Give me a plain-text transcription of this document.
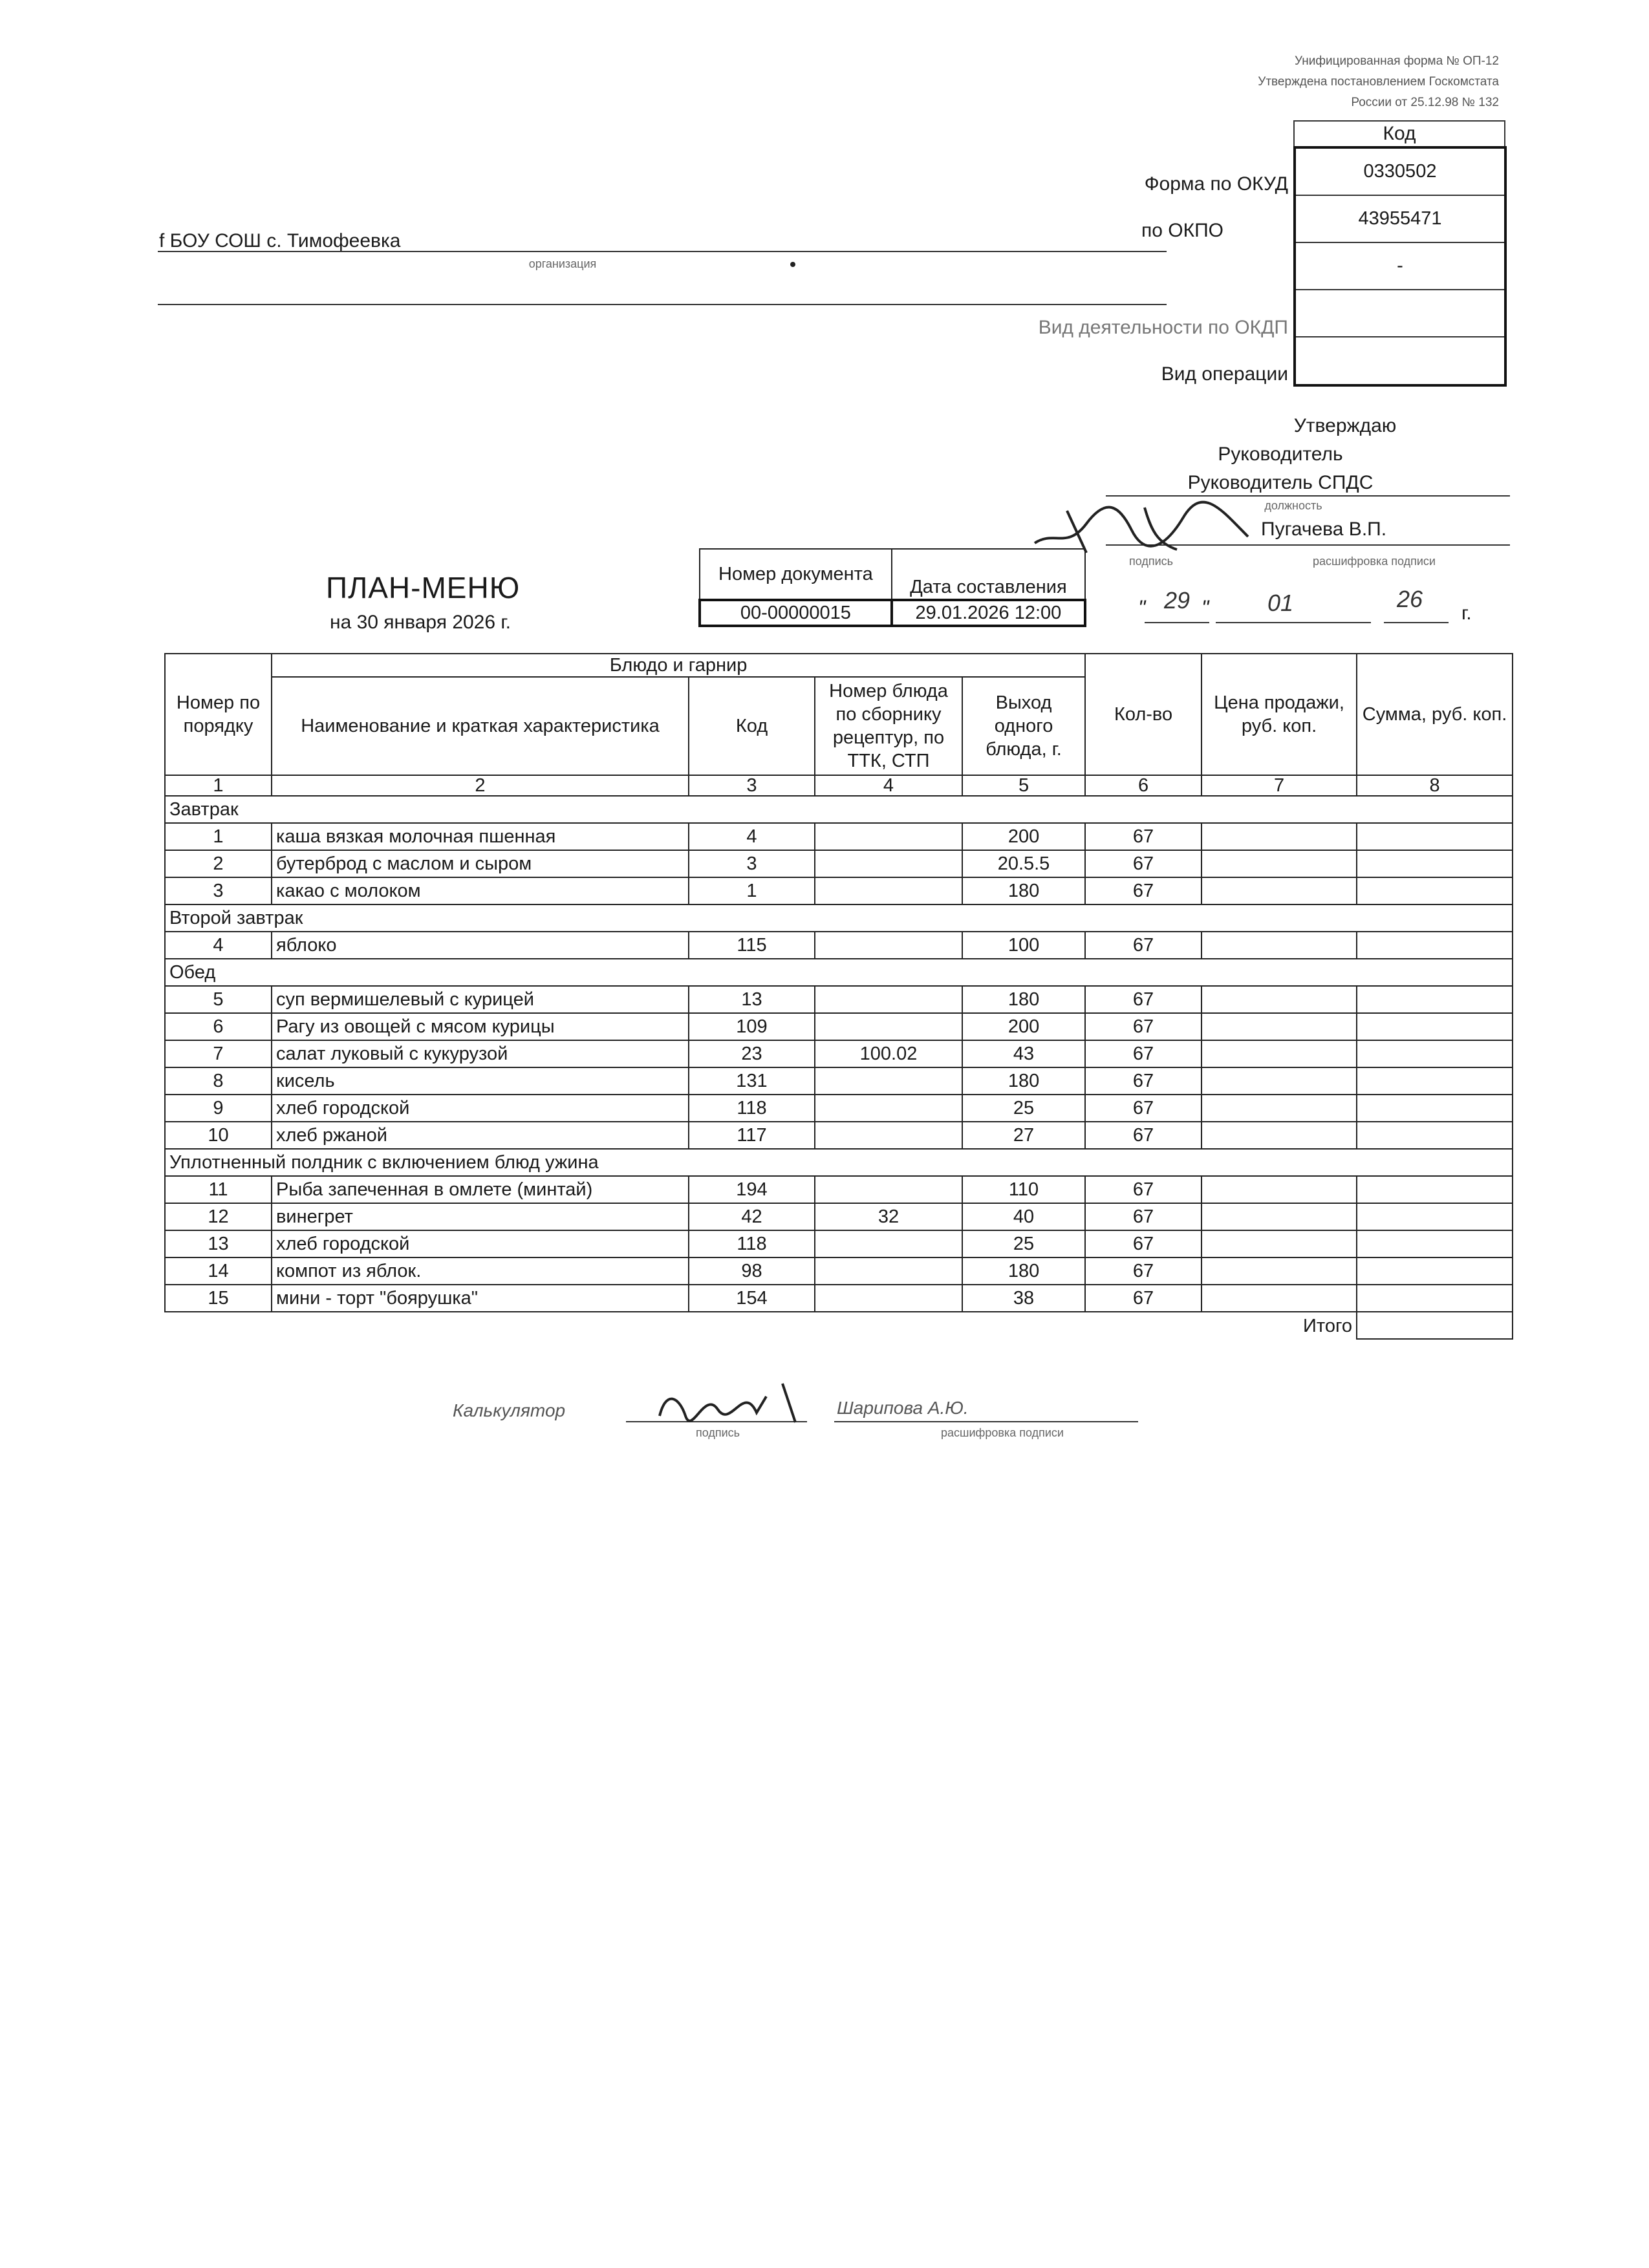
Унифицированная форма № ОП-12
Утверждена постановлением Госкомстата
России от 25.12.98 № 132
Код
0330502
43955471
-
Форма по ОКУД
по ОКПО
Вид деятельности по ОКДП
Вид операции
f БОУ СОШ с. Тимофеевка
организация
Утверждаю
Руководитель
Руководитель СПДС
должность
Пугачева В.П.
подпись	расшифровка подписи
" 29 "	01	26
г.
ПЛАН-МЕНЮ
на 30 января 2026 г.
Номер документа	Дата составления
00-00000015	29.01.2026 12:00
Номер по порядку	Блюдо и гарнир				Кол-во	Цена продажи, руб. коп.	Сумма, руб. коп.
	Наименование и краткая характеристика	Код	Номер блюда по сборнику рецептур, по ТТК, СТП	Выход одного блюда, г.			
1	2	3	4	5	6	7	8
Завтрак							
1	каша вязкая молочная пшенная	4		200	67		
2	бутерброд с маслом и сыром	3		20.5.5	67		
3	какао с молоком	1		180	67		
Второй завтрак							
4	яблоко	115		100	67		
Обед							
5	суп вермишелевый с курицей	13		180	67		
6	Рагу из овощей с мясом курицы	109		200	67		
7	салат луковый с кукурузой	23	100.02	43	67		
8	кисель	131		180	67		
9	хлеб городской	118		25	67		
10	хлеб ржаной	117		27	67		
Уплотненный полдник с включением блюд ужина							
11	Рыба запеченная в омлете (минтай)	194		110	67		
12	винегрет	42	32	40	67		
13	хлеб городской	118		25	67		
14	компот из яблок.	98		180	67		
15	мини - торт "боярушка"	154		38	67		
Итого							
Калькулятор
подпись
Шарипова А.Ю.
расшифровка подписи
